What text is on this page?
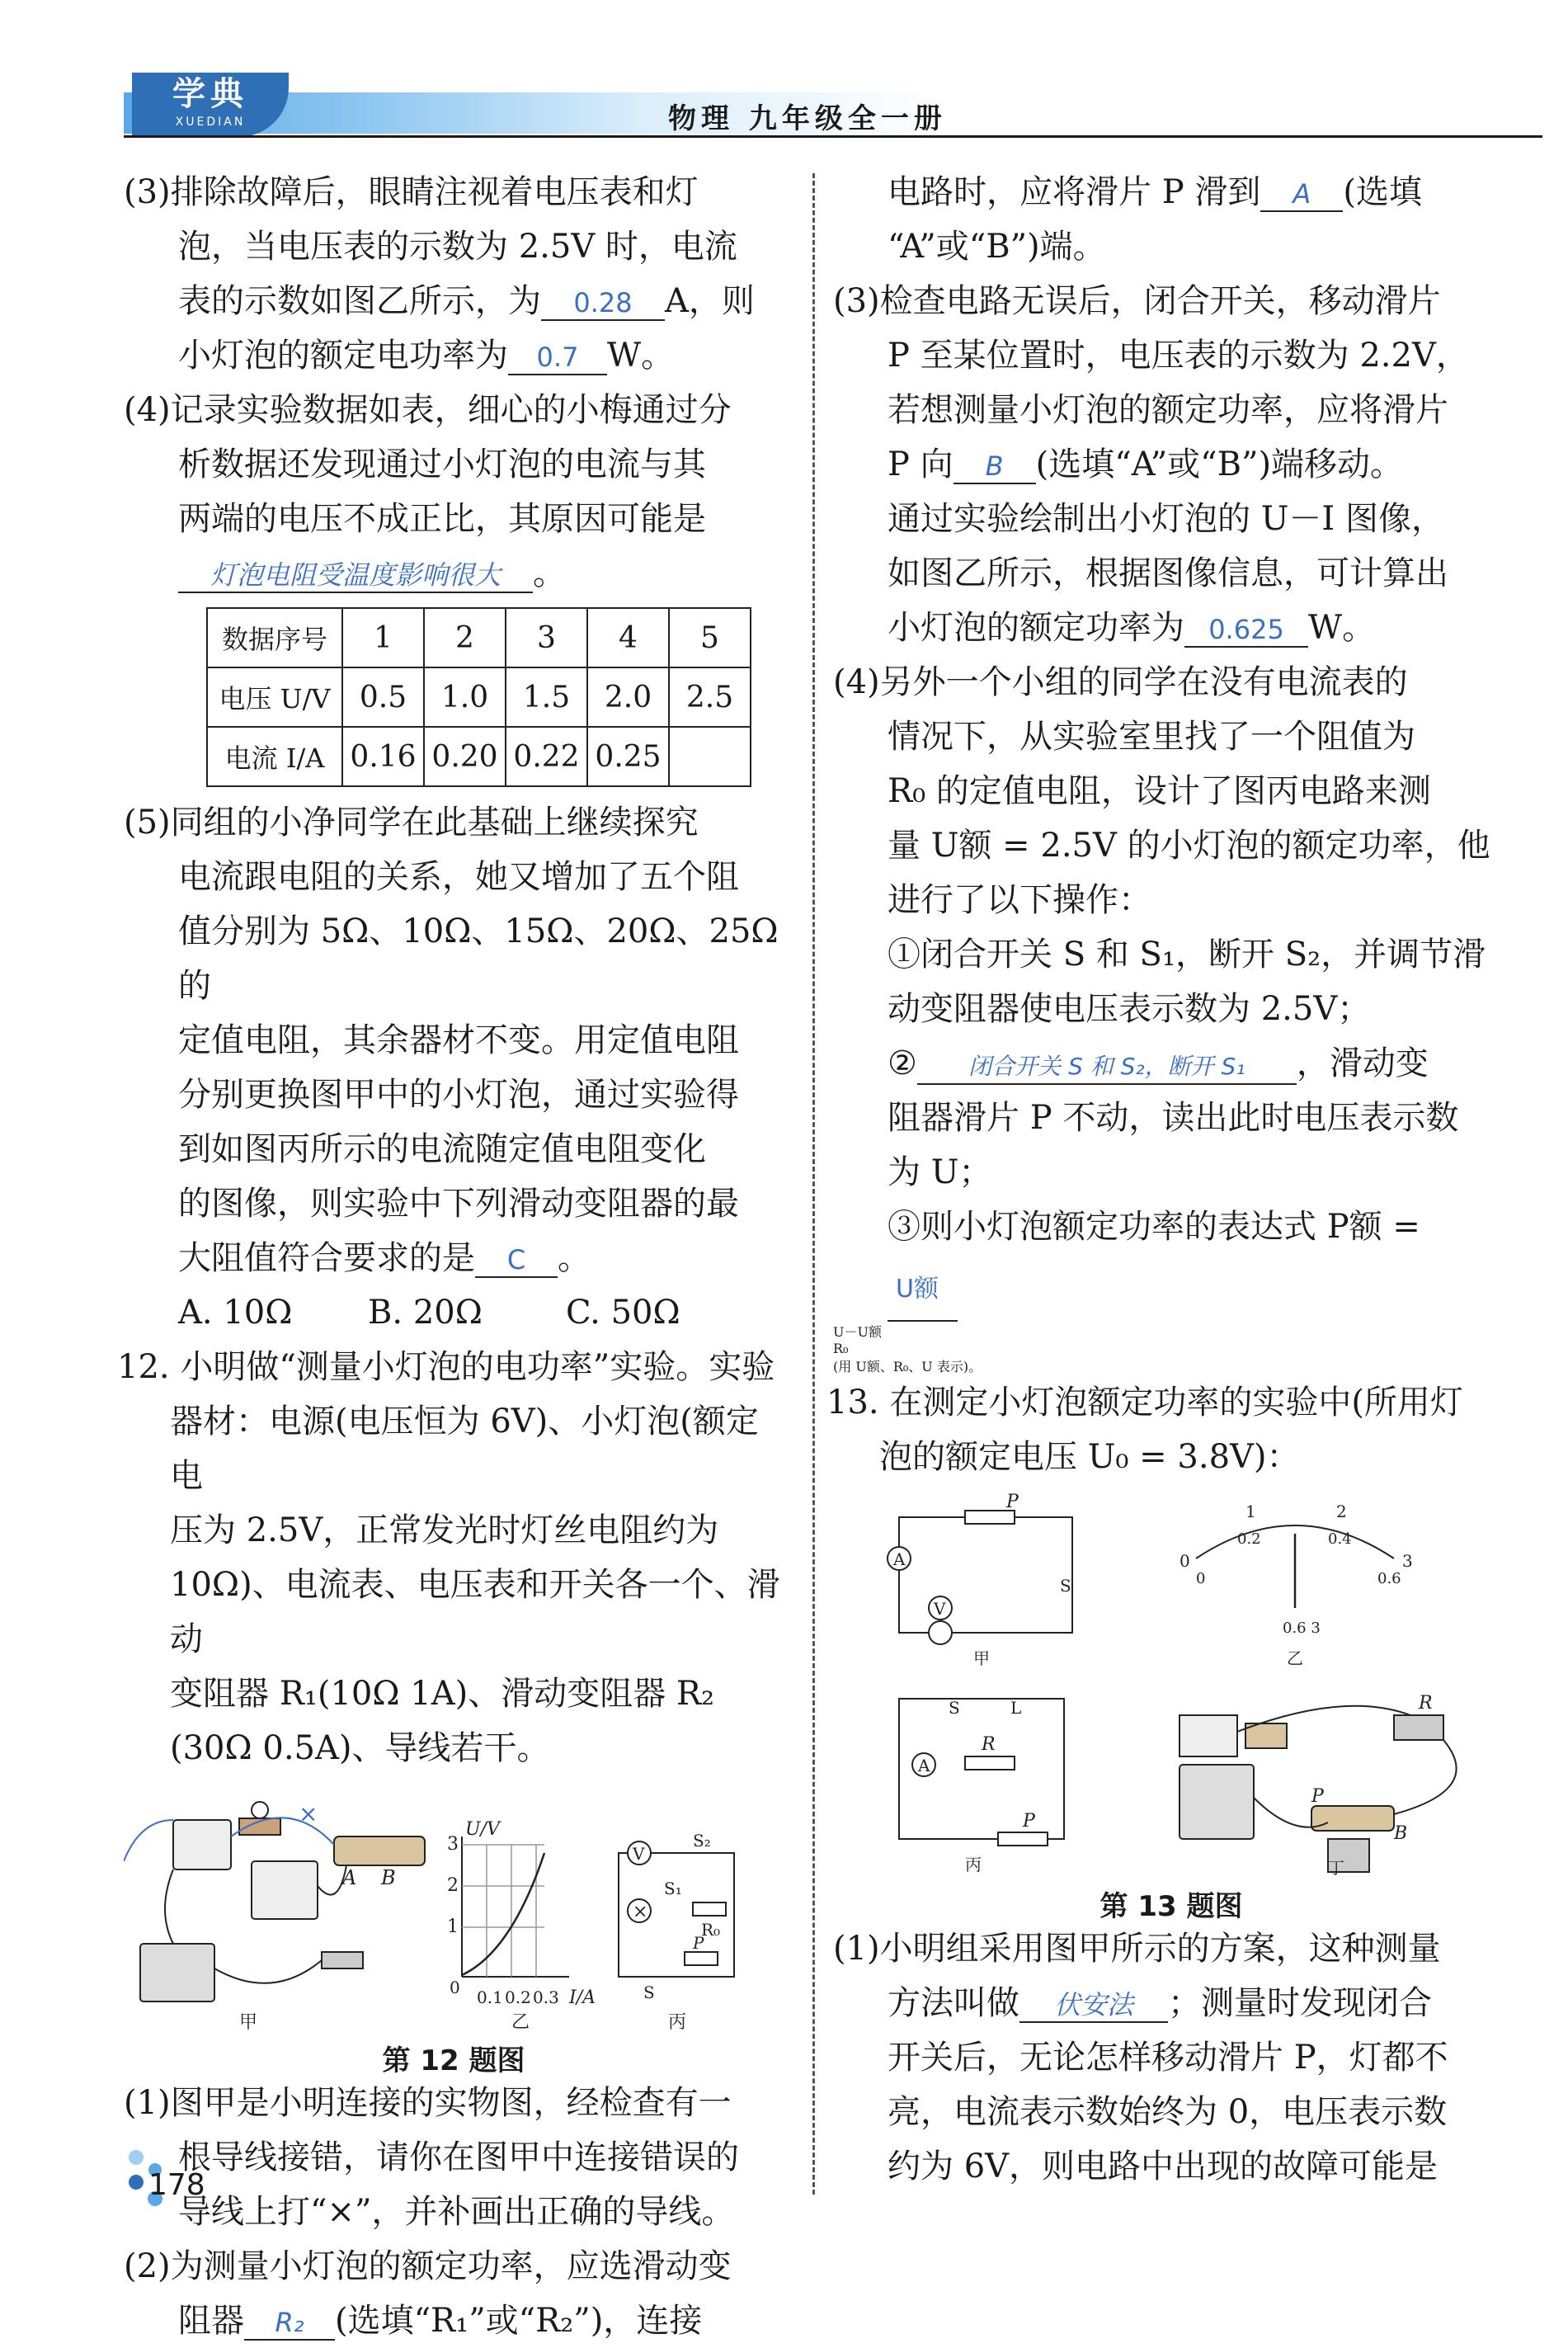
学典
XUEDIAN	物理 九年级全一册

(3)排除故障后，眼睛注视着电压表和灯

泡，当电压表的示数为 2.5V 时，电流

表的示数如图乙所示，为 0.28 A，则

小灯泡的额定电功率为 0.7 W。

(4)记录实验数据如表，细心的小梅通过分

析数据还发现通过小灯泡的电流与其

两端的电压不成正比，其原因可能是

灯泡电阻受温度影响很大 。

数据序号	1	2	3	4	5
电压 U/V	0.5	1.0	1.5	2.0	2.5
电流 I/A	0.16	0.20	0.22	0.25	

(5)同组的小净同学在此基础上继续探究

电流跟电阻的关系，她又增加了五个阻

值分别为 5Ω、10Ω、15Ω、20Ω、25Ω 的

定值电阻，其余器材不变。用定值电阻

分别更换图甲中的小灯泡，通过实验得

到如图丙所示的电流随定值电阻变化

的图像，则实验中下列滑动变阻器的最

大阻值符合要求的是 C 。

A. 10Ω B. 20Ω	C. 50Ω

12. 小明做“测量小灯泡的电功率”实验。实验

器材：电源(电压恒为 6V)、小灯泡(额定电

压为 2.5V，正常发光时灯丝电阻约为

10Ω)、电流表、电压表和开关各一个、滑动

变阻器 R₁(10Ω 1A)、滑动变阻器 R₂

(30Ω 0.5A)、导线若干。

×
A B
U/V
I/A
1
2
3
0.1 0.2 0.3
0
V
S₂
S₁
R₀
P
S
×
甲	乙	丙
第 12 题图

(1)图甲是小明连接的实物图，经检查有一

根导线接错，请你在图甲中连接错误的

导线上打“×”，并补画出正确的导线。

(2)为测量小灯泡的额定功率，应选滑动变

阻器 R₂ (选填“R₁”或“R₂”)，连接

电路时，应将滑片 P 滑到 A (选填

“A”或“B”)端。

(3)检查电路无误后，闭合开关，移动滑片

P 至某位置时，电压表的示数为 2.2V，

若想测量小灯泡的额定功率，应将滑片

P 向 B (选填“A”或“B”)端移动。

通过实验绘制出小灯泡的 U－I 图像，

如图乙所示，根据图像信息，可计算出

小灯泡的额定功率为 0.625 W。

(4)另外一个小组的同学在没有电流表的

情况下，从实验室里找了一个阻值为

R₀ 的定值电阻，设计了图丙电路来测

量 U额 = 2.5V 的小灯泡的额定功率，他

进行了以下操作：

①闭合开关 S 和 S₁，断开 S₂，并调节滑

动变阻器使电压表示数为 2.5V；

② 闭合开关 S 和 S₂，断开 S₁ ，滑动变

阻器滑片 P 不动，读出此时电压表示数

为 U；

③则小灯泡额定功率的表达式 P额 =

U额

U－U额
R₀
(用 U额、R₀、U 表示)。

13. 在测定小灯泡额定功率的实验中(所用灯

泡的额定电压 U₀ = 3.8V)：

A
V
P
S
甲
0
1	2
3
0.2	0.4
0	0.6
0.6 3
乙
A
S	L
R
P
丙
P
R
B
丁
第 13 题图

(1)小明组采用图甲所示的方案，这种测量

方法叫做 伏安法 ；测量时发现闭合

开关后，无论怎样移动滑片 P，灯都不

亮，电流表示数始终为 0，电压表示数

约为 6V，则电路中出现的故障可能是

178
